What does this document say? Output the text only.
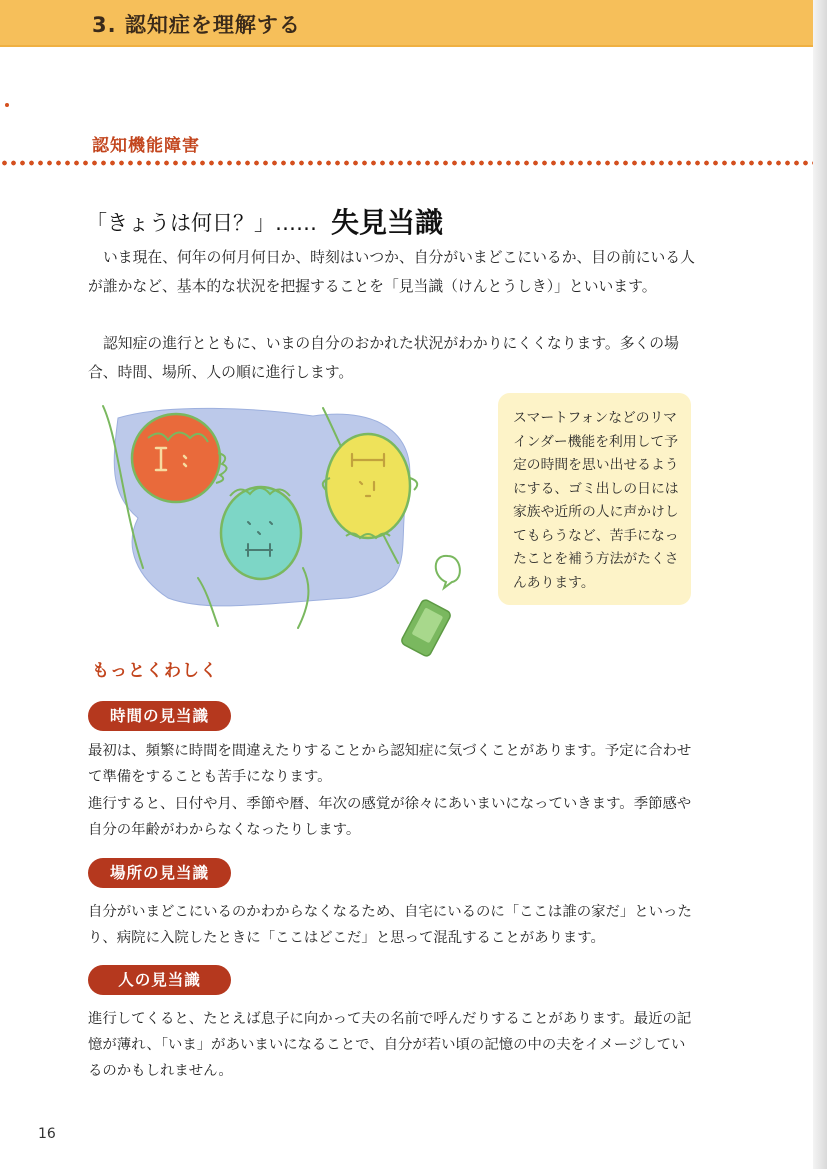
3. 認知症を理解する
認知機能障害
「きょうは何日？」…… 失見当識
いま現在、何年の何月何日か、時刻はいつか、自分がいまどこにいるか、目の前にいる人が誰かなど、基本的な状況を把握することを「見当識（けんとうしき）」といいます。
認知症の進行とともに、いまの自分のおかれた状況がわかりにくくなります。多くの場合、時間、場所、人の順に進行します。

スマートフォンなどのリマインダー機能を利用して予定の時間を思い出せるようにする、ゴミ出しの日には家族や近所の人に声かけしてもらうなど、苦手になったことを補う方法がたくさんあります。

もっとくわしく
時間の見当識
最初は、頻繁に時間を間違えたりすることから認知症に気づくことがあります。予定に合わせて準備をすることも苦手になります。
進行すると、日付や月、季節や暦、年次の感覚が徐々にあいまいになっていきます。季節感や自分の年齢がわからなくなったりします。
場所の見当識
自分がいまどこにいるのかわからなくなるため、自宅にいるのに「ここは誰の家だ」といったり、病院に入院したときに「ここはどこだ」と思って混乱することがあります。
人の見当識
進行してくると、たとえば息子に向かって夫の名前で呼んだりすることがあります。最近の記憶が薄れ、「いま」があいまいになることで、自分が若い頃の記憶の中の夫をイメージしているのかもしれません。
16
